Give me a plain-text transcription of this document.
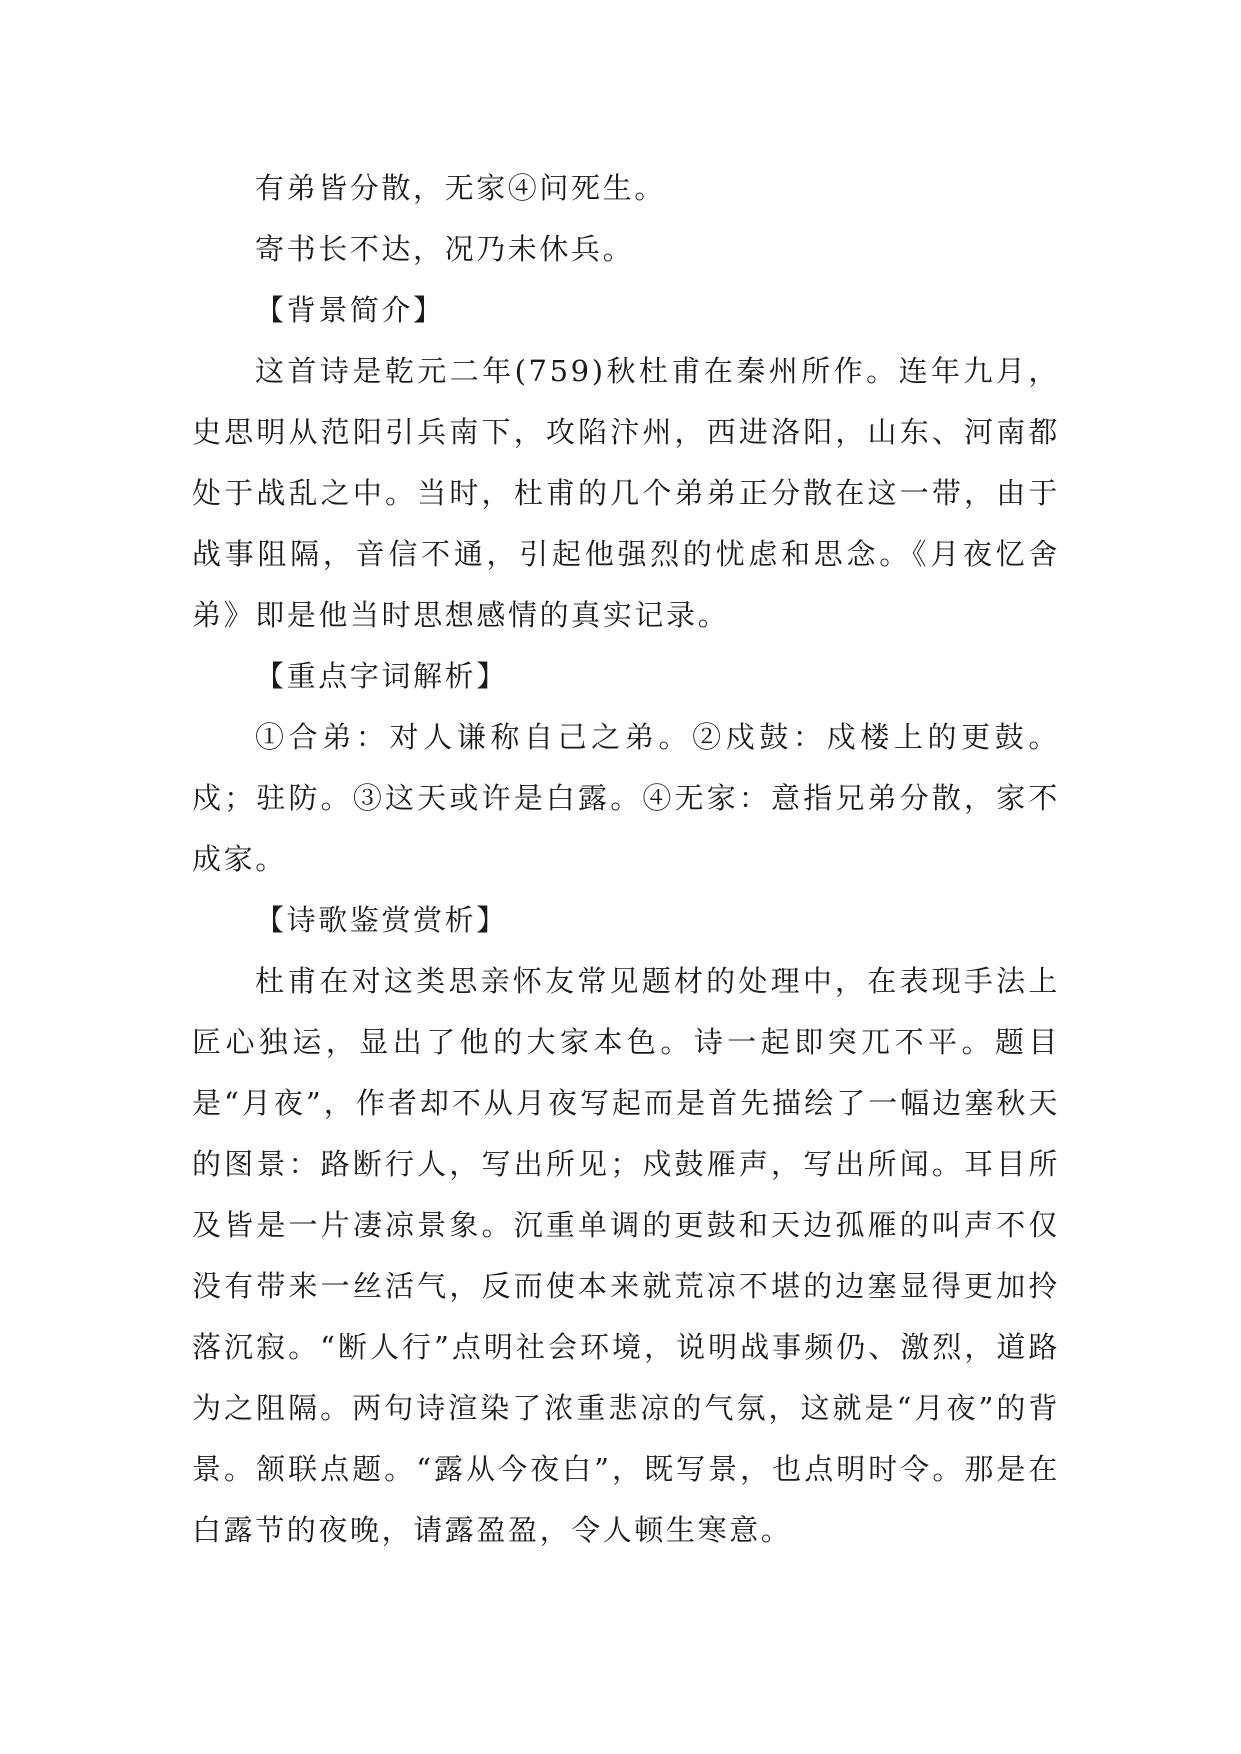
有弟皆分散，无家④问死生。

寄书长不达，况乃未休兵。

【背景简介】

这首诗是乾元二年(759)秋杜甫在秦州所作。连年九月，史思明从范阳引兵南下，攻陷汴州，西进洛阳，山东、河南都处于战乱之中。当时，杜甫的几个弟弟正分散在这一带，由于战事阻隔，音信不通，引起他强烈的忧虑和思念。《月夜忆舍弟》即是他当时思想感情的真实记录。

【重点字词解析】

①合弟：对人谦称自己之弟。②戍鼓：戍楼上的更鼓。戍；驻防。③这天或许是白露。④无家：意指兄弟分散，家不成家。

【诗歌鉴赏赏析】

杜甫在对这类思亲怀友常见题材的处理中，在表现手法上匠心独运，显出了他的大家本色。诗一起即突兀不平。题目是“月夜”，作者却不从月夜写起而是首先描绘了一幅边塞秋天的图景：路断行人，写出所见；戍鼓雁声，写出所闻。耳目所及皆是一片凄凉景象。沉重单调的更鼓和天边孤雁的叫声不仅没有带来一丝活气，反而使本来就荒凉不堪的边塞显得更加拎落沉寂。“断人行”点明社会环境，说明战事频仍、激烈，道路为之阻隔。两句诗渲染了浓重悲凉的气氛，这就是“月夜”的背景。颔联点题。“露从今夜白”，既写景，也点明时令。那是在白露节的夜晚，请露盈盈，令人顿生寒意。
